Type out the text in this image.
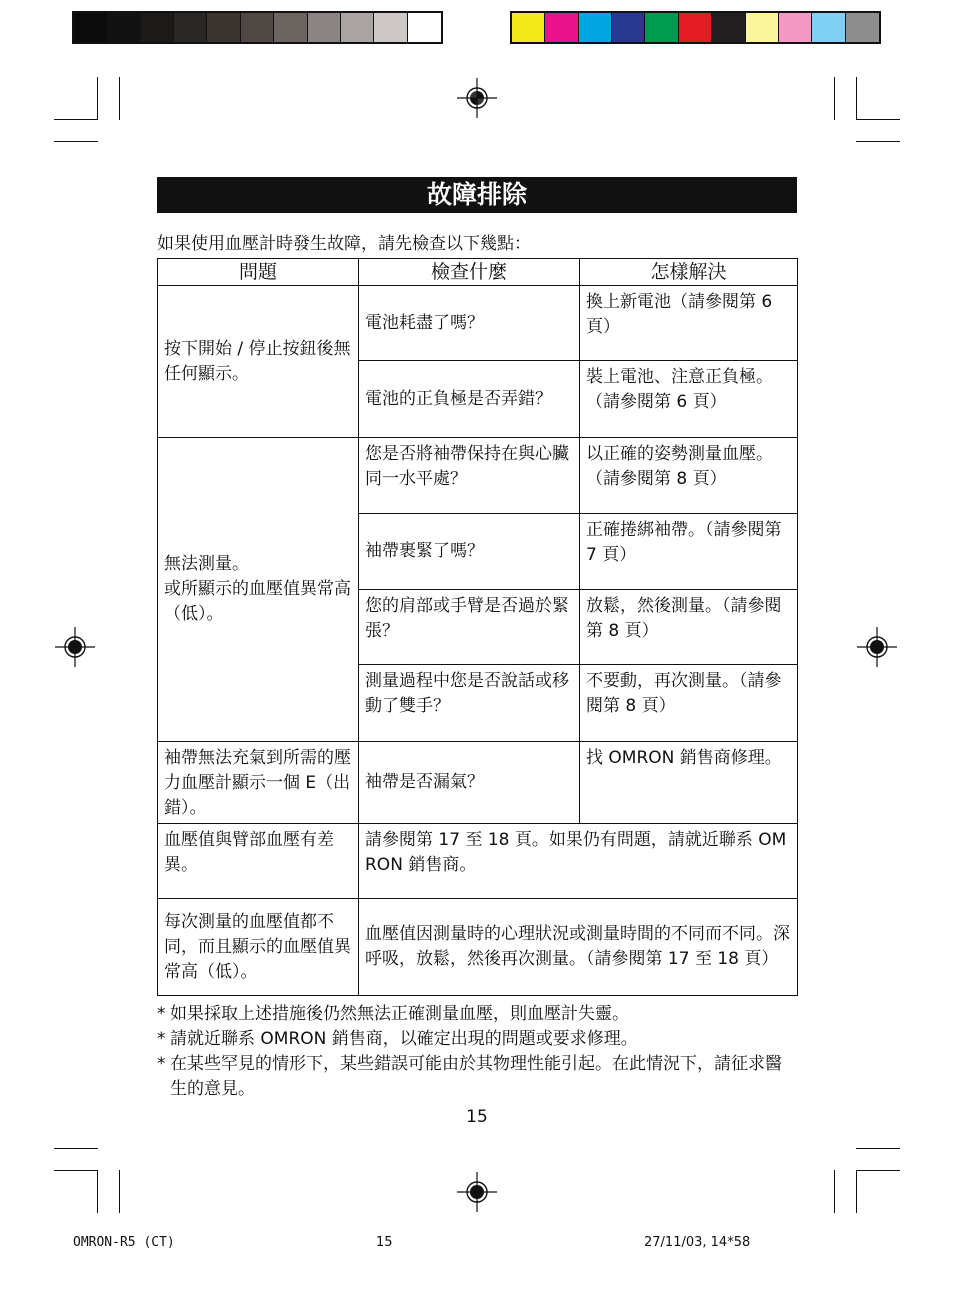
故障排除
如果使用血壓計時發生故障，請先檢查以下幾點：
問題	檢查什麼	怎樣解決
按下開始 / 停止按鈕後無任何顯示。	電池耗盡了嗎？	換上新電池（請參閱第 6 頁）
	電池的正負極是否弄錯？	裝上電池、注意正負極。（請參閱第 6 頁）

無法測量。
或所顯示的血壓值異常高（低）。	您是否將袖帶保持在與心臟同一水平處？	以正確的姿勢測量血壓。（請參閱第 8 頁）
	袖帶裹緊了嗎？	正確捲綁袖帶。（請參閱第 7 頁）
	您的肩部或手臂是否過於緊張？	放鬆，然後測量。（請參閱第 8 頁）
	測量過程中您是否說話或移動了雙手？	不要動，再次測量。（請參閱第 8 頁）
袖帶無法充氣到所需的壓力血壓計顯示一個 E（出錯）。	袖帶是否漏氣？	找 OMRON 銷售商修理。
血壓值與臂部血壓有差異。	請參閱第 17 至 18 頁。如果仍有問題，請就近聯系 OMRON 銷售商。	
每次測量的血壓值都不同，而且顯示的血壓值異常高（低）。	血壓值因測量時的心理狀況或測量時間的不同而不同。深呼吸，放鬆，然後再次測量。（請參閱第 17 至 18 頁）	
* 如果採取上述措施後仍然無法正確測量血壓，則血壓計失靈。
* 請就近聯系 OMRON 銷售商，以確定出現的問題或要求修理。
* 在某些罕見的情形下，某些錯誤可能由於其物理性能引起。在此情況下，請征求醫生的意見。
15
OMRON-R5 (CT)	15	27/11/03, 14*58
